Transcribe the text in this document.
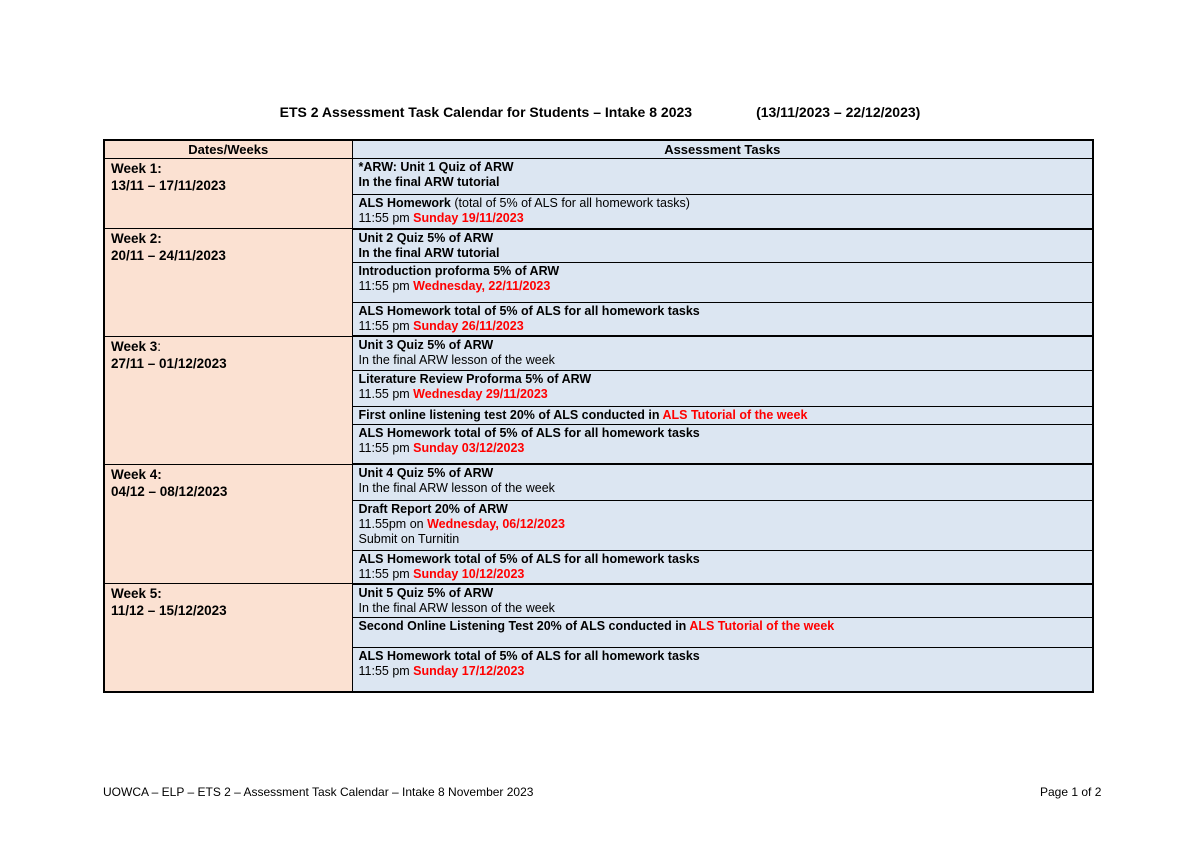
ETS 2 Assessment Task Calendar for Students – Intake 8 2023	(13/11/2023 – 22/12/2023)
Dates/Weeks	Assessment Tasks

Week 1:
13/11 – 17/11/2023	*ARW: Unit 1 Quiz of ARW
In the final ARW tutorial

	ALS Homework (total of 5% of ALS for all homework tasks)
11:55 pm Sunday 19/11/2023

Week 2:
20/11 – 24/11/2023	Unit 2 Quiz 5% of ARW
In the final ARW tutorial

	Introduction proforma 5% of ARW
11:55 pm Wednesday, 22/11/2023

	ALS Homework total of 5% of ALS for all homework tasks
11:55 pm Sunday 26/11/2023

Week 3:
27/11 – 01/12/2023	Unit 3 Quiz 5% of ARW
In the final ARW lesson of the week

	Literature Review Proforma 5% of ARW
11.55 pm Wednesday 29/11/2023

	First online listening test 20% of ALS conducted in ALS Tutorial of the week

	ALS Homework total of 5% of ALS for all homework tasks
11:55 pm Sunday 03/12/2023

Week 4:
04/12 – 08/12/2023	Unit 4 Quiz 5% of ARW
In the final ARW lesson of the week

	Draft Report 20% of ARW
11.55pm on Wednesday, 06/12/2023
Submit on Turnitin

	ALS Homework total of 5% of ALS for all homework tasks
11:55 pm Sunday 10/12/2023

Week 5:
11/12 – 15/12/2023	Unit 5 Quiz 5% of ARW
In the final ARW lesson of the week

	Second Online Listening Test 20% of ALS conducted in ALS Tutorial of the week

	ALS Homework total of 5% of ALS for all homework tasks
11:55 pm Sunday 17/12/2023
UOWCA – ELP – ETS 2 – Assessment Task Calendar – Intake 8 November 2023	Page 1 of 2
